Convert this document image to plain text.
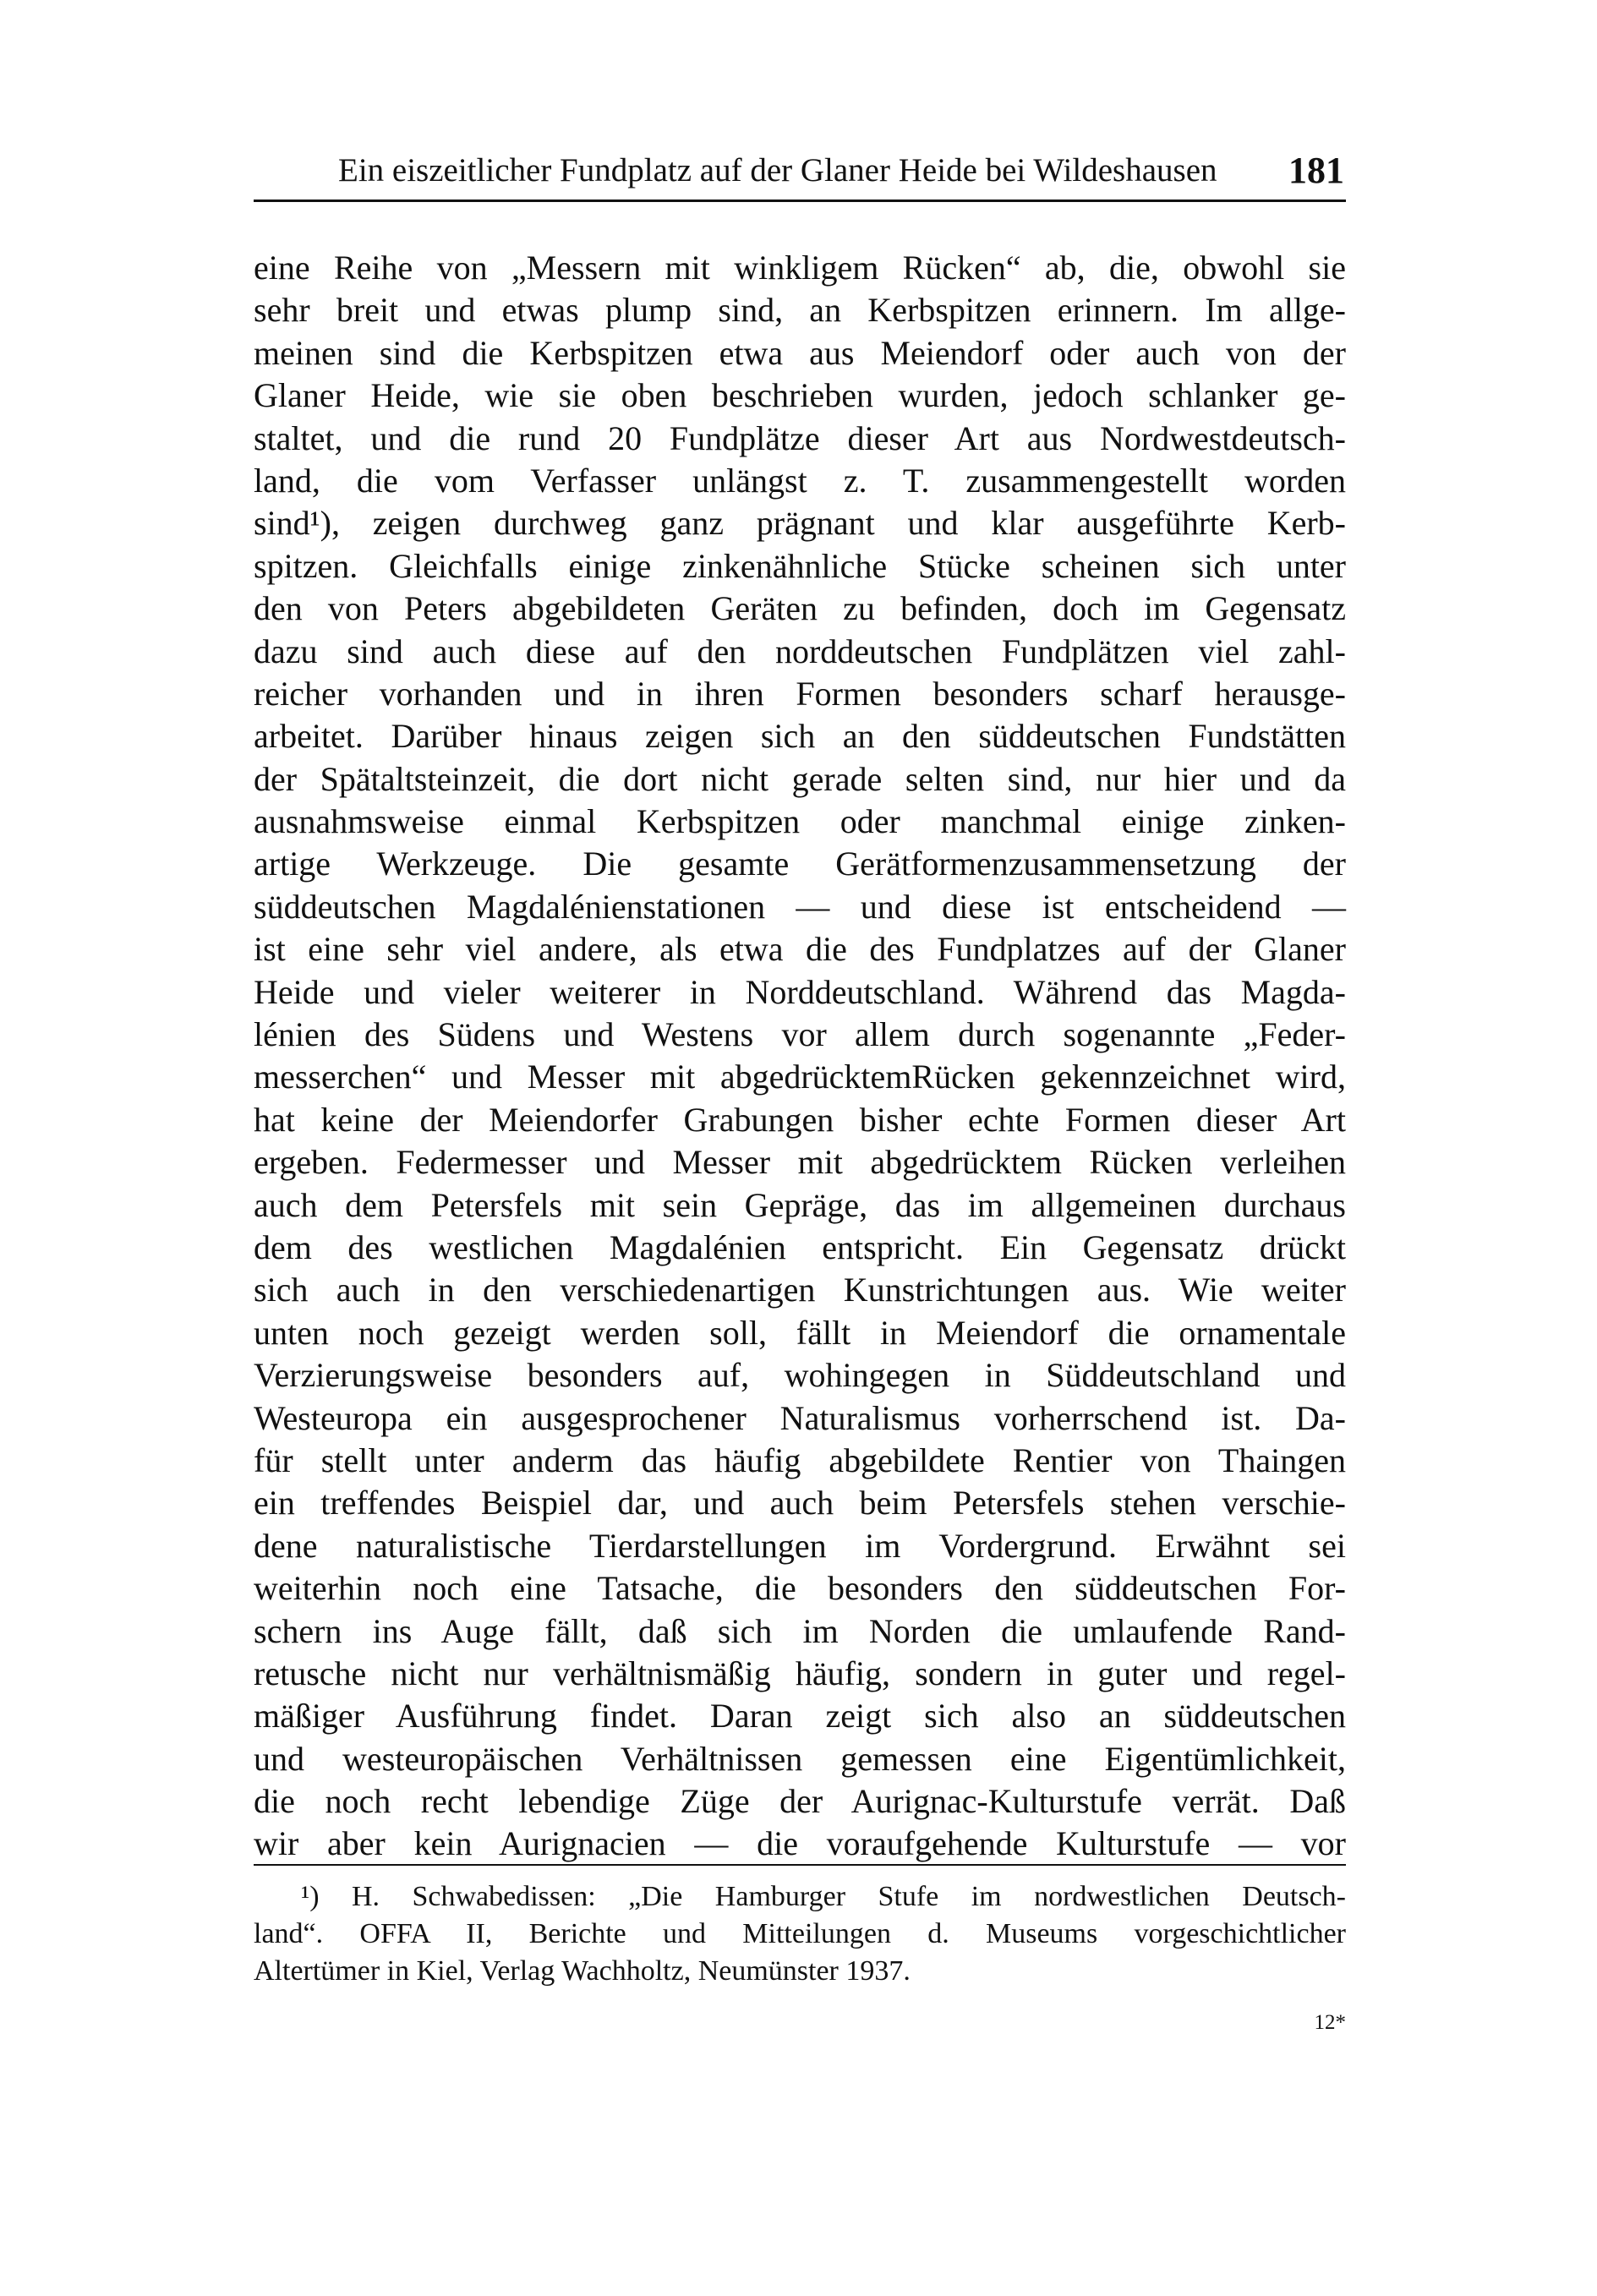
Ein eiszeitlicher Fundplatz auf der Glaner Heide bei Wildeshausen 181
eine Reihe von „Messern mit winkligem Rücken“ ab, die, obwohl sie
sehr breit und etwas plump sind, an Kerbspitzen erinnern. Im allge-
meinen sind die Kerbspitzen etwa aus Meiendorf oder auch von der
Glaner Heide, wie sie oben beschrieben wurden, jedoch schlanker ge-
staltet, und die rund 20 Fundplätze dieser Art aus Nordwestdeutsch-
land, die vom Verfasser unlängst z. T. zusammengestellt worden
sind¹), zeigen durchweg ganz prägnant und klar ausgeführte Kerb-
spitzen. Gleichfalls einige zinkenähnliche Stücke scheinen sich unter
den von Peters abgebildeten Geräten zu befinden, doch im Gegensatz
dazu sind auch diese auf den norddeutschen Fundplätzen viel zahl-
reicher vorhanden und in ihren Formen besonders scharf herausge-
arbeitet. Darüber hinaus zeigen sich an den süddeutschen Fundstätten
der Spätaltsteinzeit, die dort nicht gerade selten sind, nur hier und da
ausnahmsweise einmal Kerbspitzen oder manchmal einige zinken-
artige Werkzeuge. Die gesamte Gerätformenzusammensetzung der
süddeutschen Magdalénienstationen — und diese ist entscheidend —
ist eine sehr viel andere, als etwa die des Fundplatzes auf der Glaner
Heide und vieler weiterer in Norddeutschland. Während das Magda-
lénien des Südens und Westens vor allem durch sogenannte „Feder-
messerchen“ und Messer mit abgedrücktemRücken gekennzeichnet wird,
hat keine der Meiendorfer Grabungen bisher echte Formen dieser Art
ergeben. Federmesser und Messer mit abgedrücktem Rücken verleihen
auch dem Petersfels mit sein Gepräge, das im allgemeinen durchaus
dem des westlichen Magdalénien entspricht. Ein Gegensatz drückt
sich auch in den verschiedenartigen Kunstrichtungen aus. Wie weiter
unten noch gezeigt werden soll, fällt in Meiendorf die ornamentale
Verzierungsweise besonders auf, wohingegen in Süddeutschland und
Westeuropa ein ausgesprochener Naturalismus vorherrschend ist. Da-
für stellt unter anderm das häufig abgebildete Rentier von Thaingen
ein treffendes Beispiel dar, und auch beim Petersfels stehen verschie-
dene naturalistische Tierdarstellungen im Vordergrund. Erwähnt sei
weiterhin noch eine Tatsache, die besonders den süddeutschen For-
schern ins Auge fällt, daß sich im Norden die umlaufende Rand-
retusche nicht nur verhältnismäßig häufig, sondern in guter und regel-
mäßiger Ausführung findet. Daran zeigt sich also an süddeutschen
und westeuropäischen Verhältnissen gemessen eine Eigentümlichkeit,
die noch recht lebendige Züge der Aurignac-Kulturstufe verrät. Daß
wir aber kein Aurignacien — die voraufgehende Kulturstufe — vor
¹) H. Schwabedissen: „Die Hamburger Stufe im nordwestlichen Deutsch-
land“. OFFA II, Berichte und Mitteilungen d. Museums vorgeschichtlicher
Altertümer in Kiel, Verlag Wachholtz, Neumünster 1937.
12*
